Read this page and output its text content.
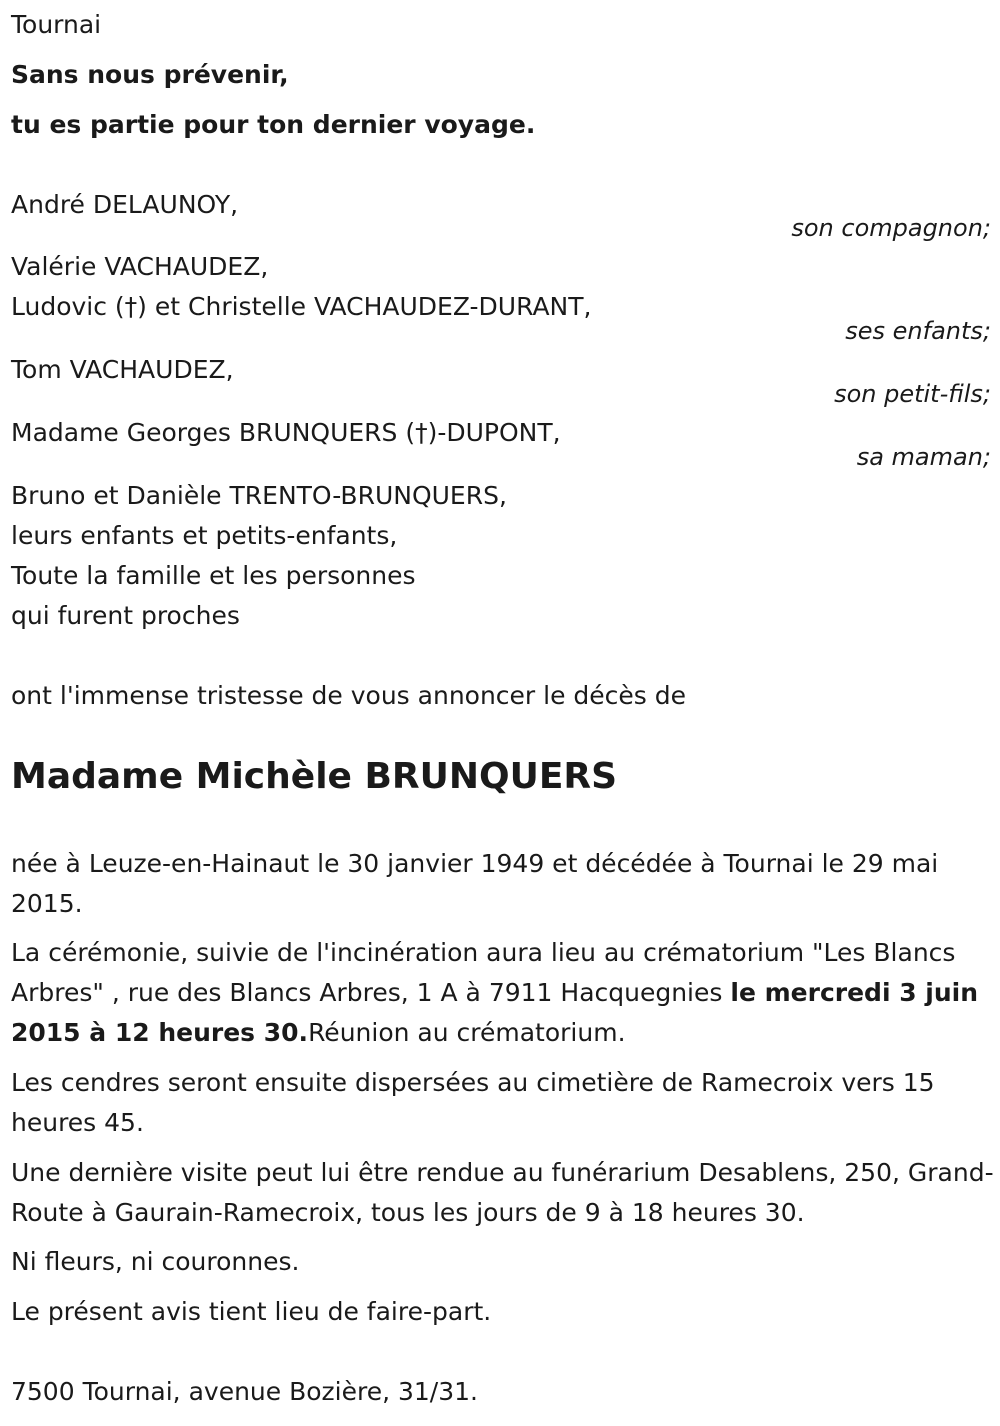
Tournai
Sans nous prévenir,
tu es partie pour ton dernier voyage.
André DELAUNOY,
son compagnon;
Valérie VACHAUDEZ,
Ludovic (†) et Christelle VACHAUDEZ-DURANT,
ses enfants;
Tom VACHAUDEZ,
son petit-fils;
Madame Georges BRUNQUERS (†)-DUPONT,
sa maman;
Bruno et Danièle TRENTO-BRUNQUERS,
leurs enfants et petits-enfants,
Toute la famille et les personnes
qui furent proches
ont l'immense tristesse de vous annoncer le décès de
Madame Michèle BRUNQUERS
née à Leuze-en-Hainaut le 30 janvier 1949 et décédée à Tournai le 29 mai 2015.
La cérémonie, suivie de l'incinération aura lieu au crématorium "Les Blancs Arbres" , rue des Blancs Arbres, 1 A à 7911 Hacquegnies le mercredi 3 juin 2015 à 12 heures 30.Réunion au crématorium.
Les cendres seront ensuite dispersées au cimetière de Ramecroix vers 15 heures 45.
Une dernière visite peut lui être rendue au funérarium Desablens, 250, Grand-Route à Gaurain-Ramecroix, tous les jours de 9 à 18 heures 30.
Ni fleurs, ni couronnes.
Le présent avis tient lieu de faire-part.
7500 Tournai, avenue Bozière, 31/31.
